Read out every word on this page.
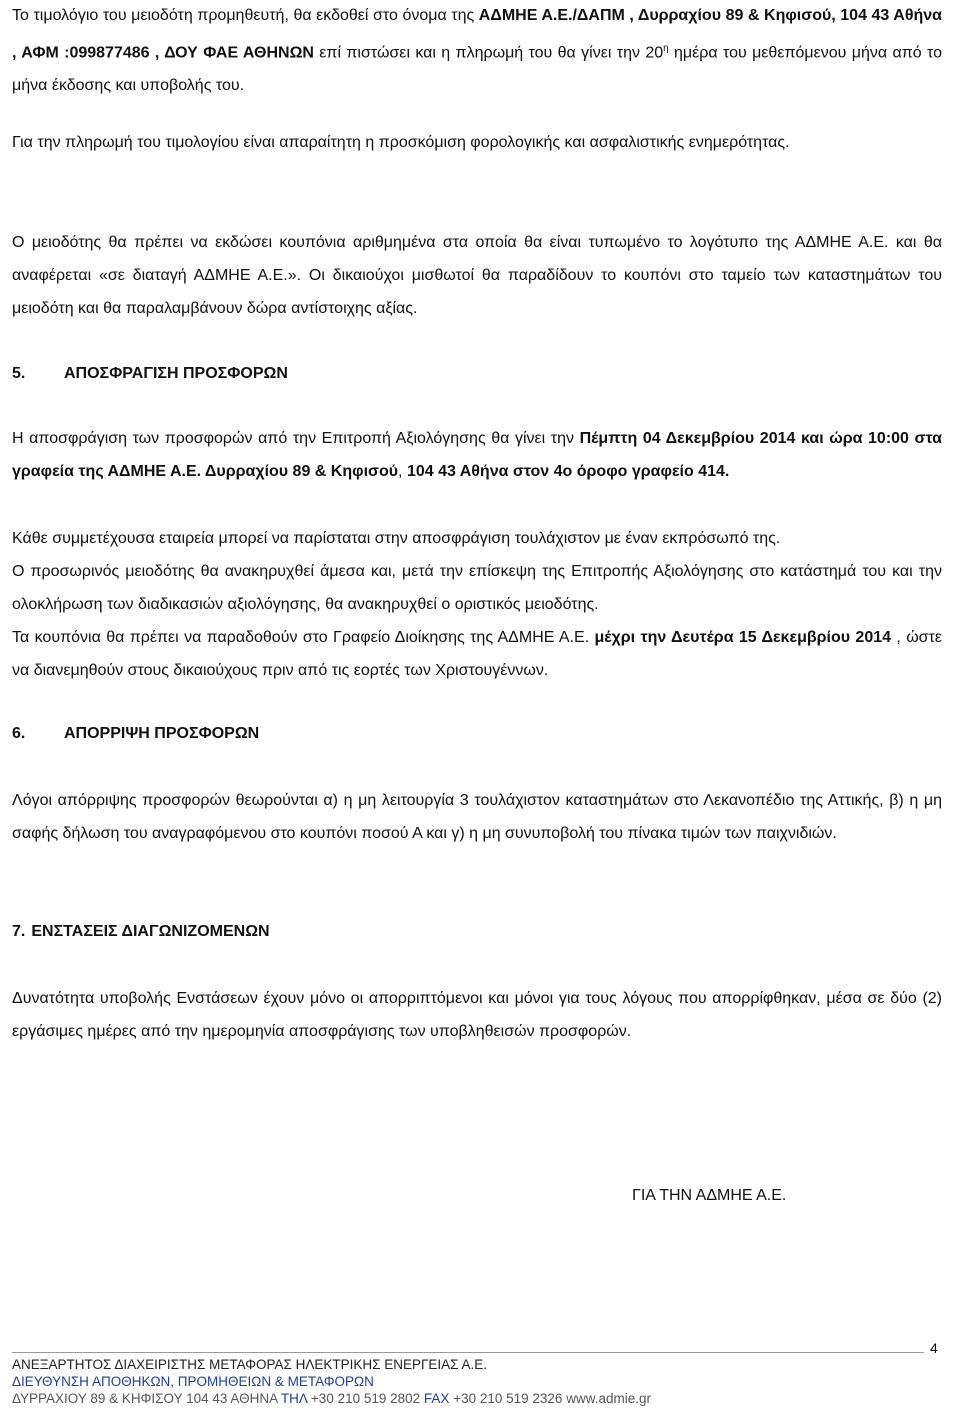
Το τιμολόγιο του μειοδότη προμηθευτή, θα εκδοθεί στο όνομα της ΑΔΜΗΕ Α.Ε./ΔΑΠΜ , Δυρραχίου 89 & Κηφισού, 104 43 Αθήνα , ΑΦΜ :099877486 , ΔΟΥ ΦΑΕ ΑΘΗΝΩΝ επί πιστώσει και η πληρωμή του θα γίνει την $20^\eta$ ημέρα του μεθεπόμενου μήνα από το μήνα έκδοσης και υποβολής του.

Για την πληρωμή του τιμολογίου είναι απαραίτητη η προσκόμιση φορολογικής και ασφαλιστικής ενημερότητας.

Ο μειοδότης θα πρέπει να εκδώσει κουπόνια αριθμημένα στα οποία θα είναι τυπωμένο το λογότυπο της ΑΔΜΗΕ Α.Ε. και θα αναφέρεται «σε διαταγή ΑΔΜΗΕ Α.Ε.». Οι δικαιούχοι μισθωτοί θα παραδίδουν το κουπόνι στο ταμείο των καταστημάτων του μειοδότη και θα παραλαμβάνουν δώρα αντίστοιχης αξίας.

5. ΑΠΟΣΦΡΑΓΙΣΗ ΠΡΟΣΦΟΡΩΝ

Η αποσφράγιση των προσφορών από την Επιτροπή Αξιολόγησης θα γίνει την Πέμπτη 04 Δεκεμβρίου 2014 και ώρα 10:00 στα γραφεία της ΑΔΜΗΕ Α.Ε. Δυρραχίου 89 & Κηφισού, 104 43 Αθήνα στον 4ο όροφο γραφείο 414.

Κάθε συμμετέχουσα εταιρεία μπορεί να παρίσταται στην αποσφράγιση τουλάχιστον με έναν εκπρόσωπό της.

Ο προσωρινός μειοδότης θα ανακηρυχθεί άμεσα και, μετά την επίσκεψη της Επιτροπής Αξιολόγησης στο κατάστημά του και την ολοκλήρωση των διαδικασιών αξιολόγησης, θα ανακηρυχθεί ο οριστικός μειοδότης.

Τα κουπόνια θα πρέπει να παραδοθούν στο Γραφείο Διοίκησης της ΑΔΜΗΕ Α.Ε. μέχρι την Δευτέρα 15 Δεκεμβρίου 2014 , ώστε να διανεμηθούν στους δικαιούχους πριν από τις εορτές των Χριστουγέννων.

6. ΑΠΟΡΡΙΨΗ ΠΡΟΣΦΟΡΩΝ

Λόγοι απόρριψης προσφορών θεωρούνται α) η μη λειτουργία 3 τουλάχιστον καταστημάτων στο Λεκανοπέδιο της Αττικής, β) η μη σαφής δήλωση του αναγραφόμενου στο κουπόνι ποσού Α και γ) η μη συνυποβολή του πίνακα τιμών των παιχνιδιών.

7. ΕΝΣΤΑΣΕΙΣ ΔΙΑΓΩΝΙΖΟΜΕΝΩΝ

Δυνατότητα υποβολής Ενστάσεων έχουν μόνο οι απορριπτόμενοι και μόνοι για τους λόγους που απορρίφθηκαν, μέσα σε δύο (2) εργάσιμες ημέρες από την ημερομηνία αποσφράγισης των υποβληθεισών προσφορών.

ΓΙΑ ΤΗΝ ΑΔΜΗΕ Α.Ε.

4

ΑΝΕΞΑΡΤΗΤΟΣ ΔΙΑΧΕΙΡΙΣΤΗΣ ΜΕΤΑΦΟΡΑΣ ΗΛΕΚΤΡΙΚΗΣ ΕΝΕΡΓΕΙΑΣ Α.Ε.

ΔΙΕΥΘΥΝΣΗ ΑΠΟΘΗΚΩΝ, ΠΡΟΜΗΘΕΙΩΝ & ΜΕΤΑΦΟΡΩΝ

ΔΥΡΡΑΧΙΟΥ 89 & ΚΗΦΙΣΟΥ 104 43 ΑΘΗΝΑ ΤΗΛ +30 210 519 2802 FAX +30 210 519 2326 www.admie.gr
